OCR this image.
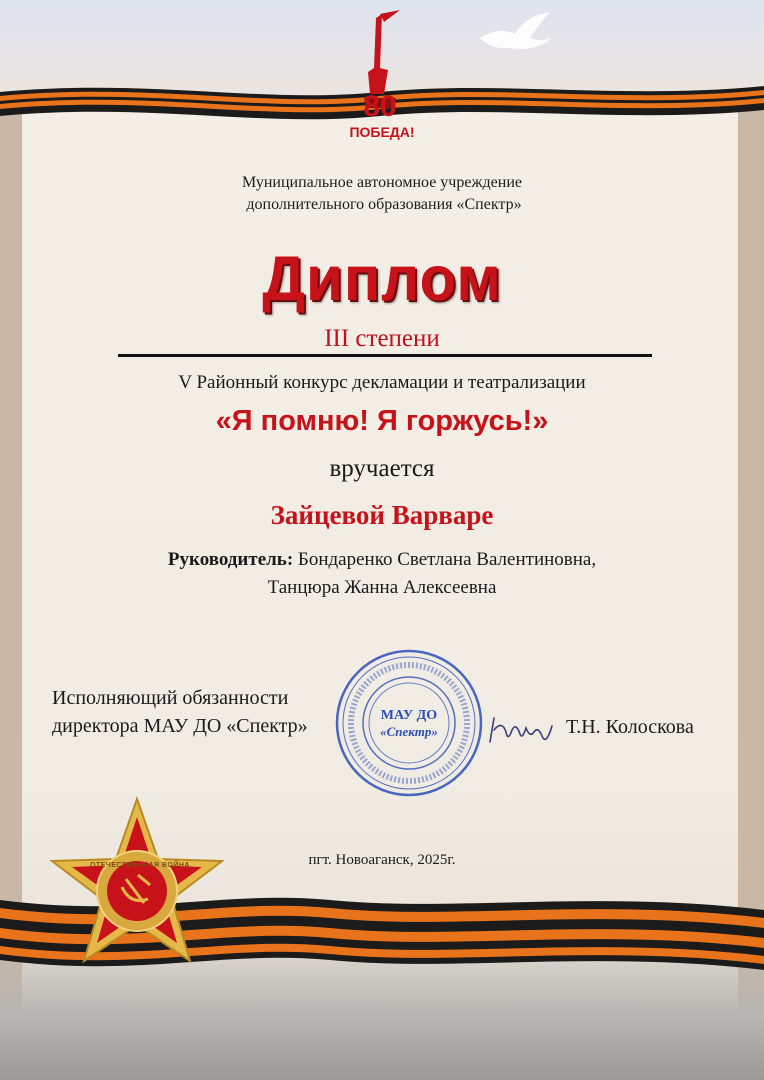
80
ПОБЕДА!
Муниципальное автономное учреждение
дополнительного образования «Спектр»
Диплом
III степени
V Районный конкурс декламации и театрализации
«Я помню! Я горжусь!»
вручается
Зайцевой Варваре
Руководитель: Бондаренко Светлана Валентиновна,
Танцюра Жанна Алексеевна
Исполняющий обязанности
директора МАУ ДО «Спектр»	МАУ ДО
«Спектр»	Т.Н. Колоскова
ОТЕЧЕСТВЕННАЯ ВОЙНА	пгт. Новоаганск, 2025г.
